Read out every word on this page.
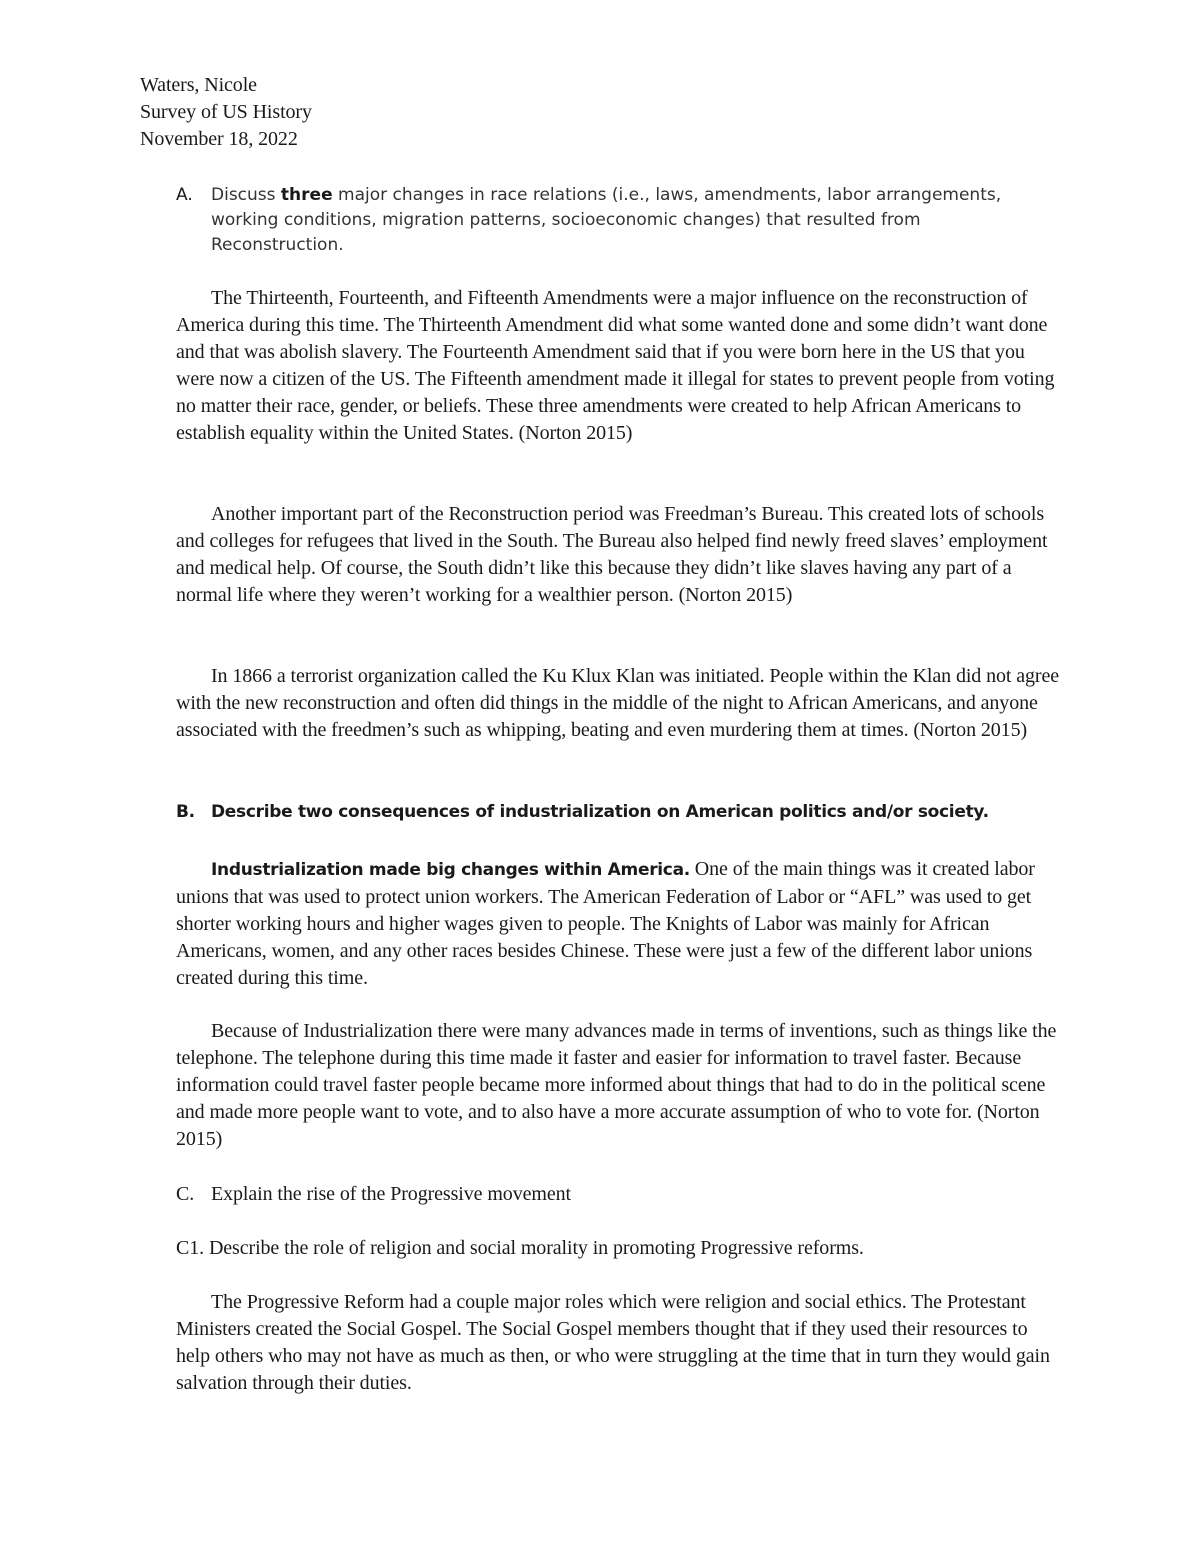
Waters, Nicole
Survey of US History
November 18, 2022
A. Discuss three major changes in race relations (i.e., laws, amendments, labor arrangements, working conditions, migration patterns, socioeconomic changes) that resulted from Reconstruction.

The Thirteenth, Fourteenth, and Fifteenth Amendments were a major influence on the reconstruction of America during this time. The Thirteenth Amendment did what some wanted done and some didn’t want done and that was abolish slavery. The Fourteenth Amendment said that if you were born here in the US that you were now a citizen of the US. The Fifteenth amendment made it illegal for states to prevent people from voting no matter their race, gender, or beliefs. These three amendments were created to help African Americans to establish equality within the United States. (Norton 2015)

Another important part of the Reconstruction period was Freedman’s Bureau. This created lots of schools and colleges for refugees that lived in the South. The Bureau also helped find newly freed slaves’ employment and medical help. Of course, the South didn’t like this because they didn’t like slaves having any part of a normal life where they weren’t working for a wealthier person. (Norton 2015)

In 1866 a terrorist organization called the Ku Klux Klan was initiated. People within the Klan did not agree with the new reconstruction and often did things in the middle of the night to African Americans, and anyone associated with the freedmen’s such as whipping, beating and even murdering them at times. (Norton 2015)

B. Describe two consequences of industrialization on American politics and/or society.

Industrialization made big changes within America. One of the main things was it created labor unions that was used to protect union workers. The American Federation of Labor or “AFL” was used to get shorter working hours and higher wages given to people. The Knights of Labor was mainly for African Americans, women, and any other races besides Chinese. These were just a few of the different labor unions created during this time.

Because of Industrialization there were many advances made in terms of inventions, such as things like the telephone. The telephone during this time made it faster and easier for information to travel faster. Because information could travel faster people became more informed about things that had to do in the political scene and made more people want to vote, and to also have a more accurate assumption of who to vote for. (Norton 2015)

C. Explain the rise of the Progressive movement
C1. Describe the role of religion and social morality in promoting Progressive reforms.

The Progressive Reform had a couple major roles which were religion and social ethics. The Protestant Ministers created the Social Gospel. The Social Gospel members thought that if they used their resources to help others who may not have as much as then, or who were struggling at the time that in turn they would gain salvation through their duties.
